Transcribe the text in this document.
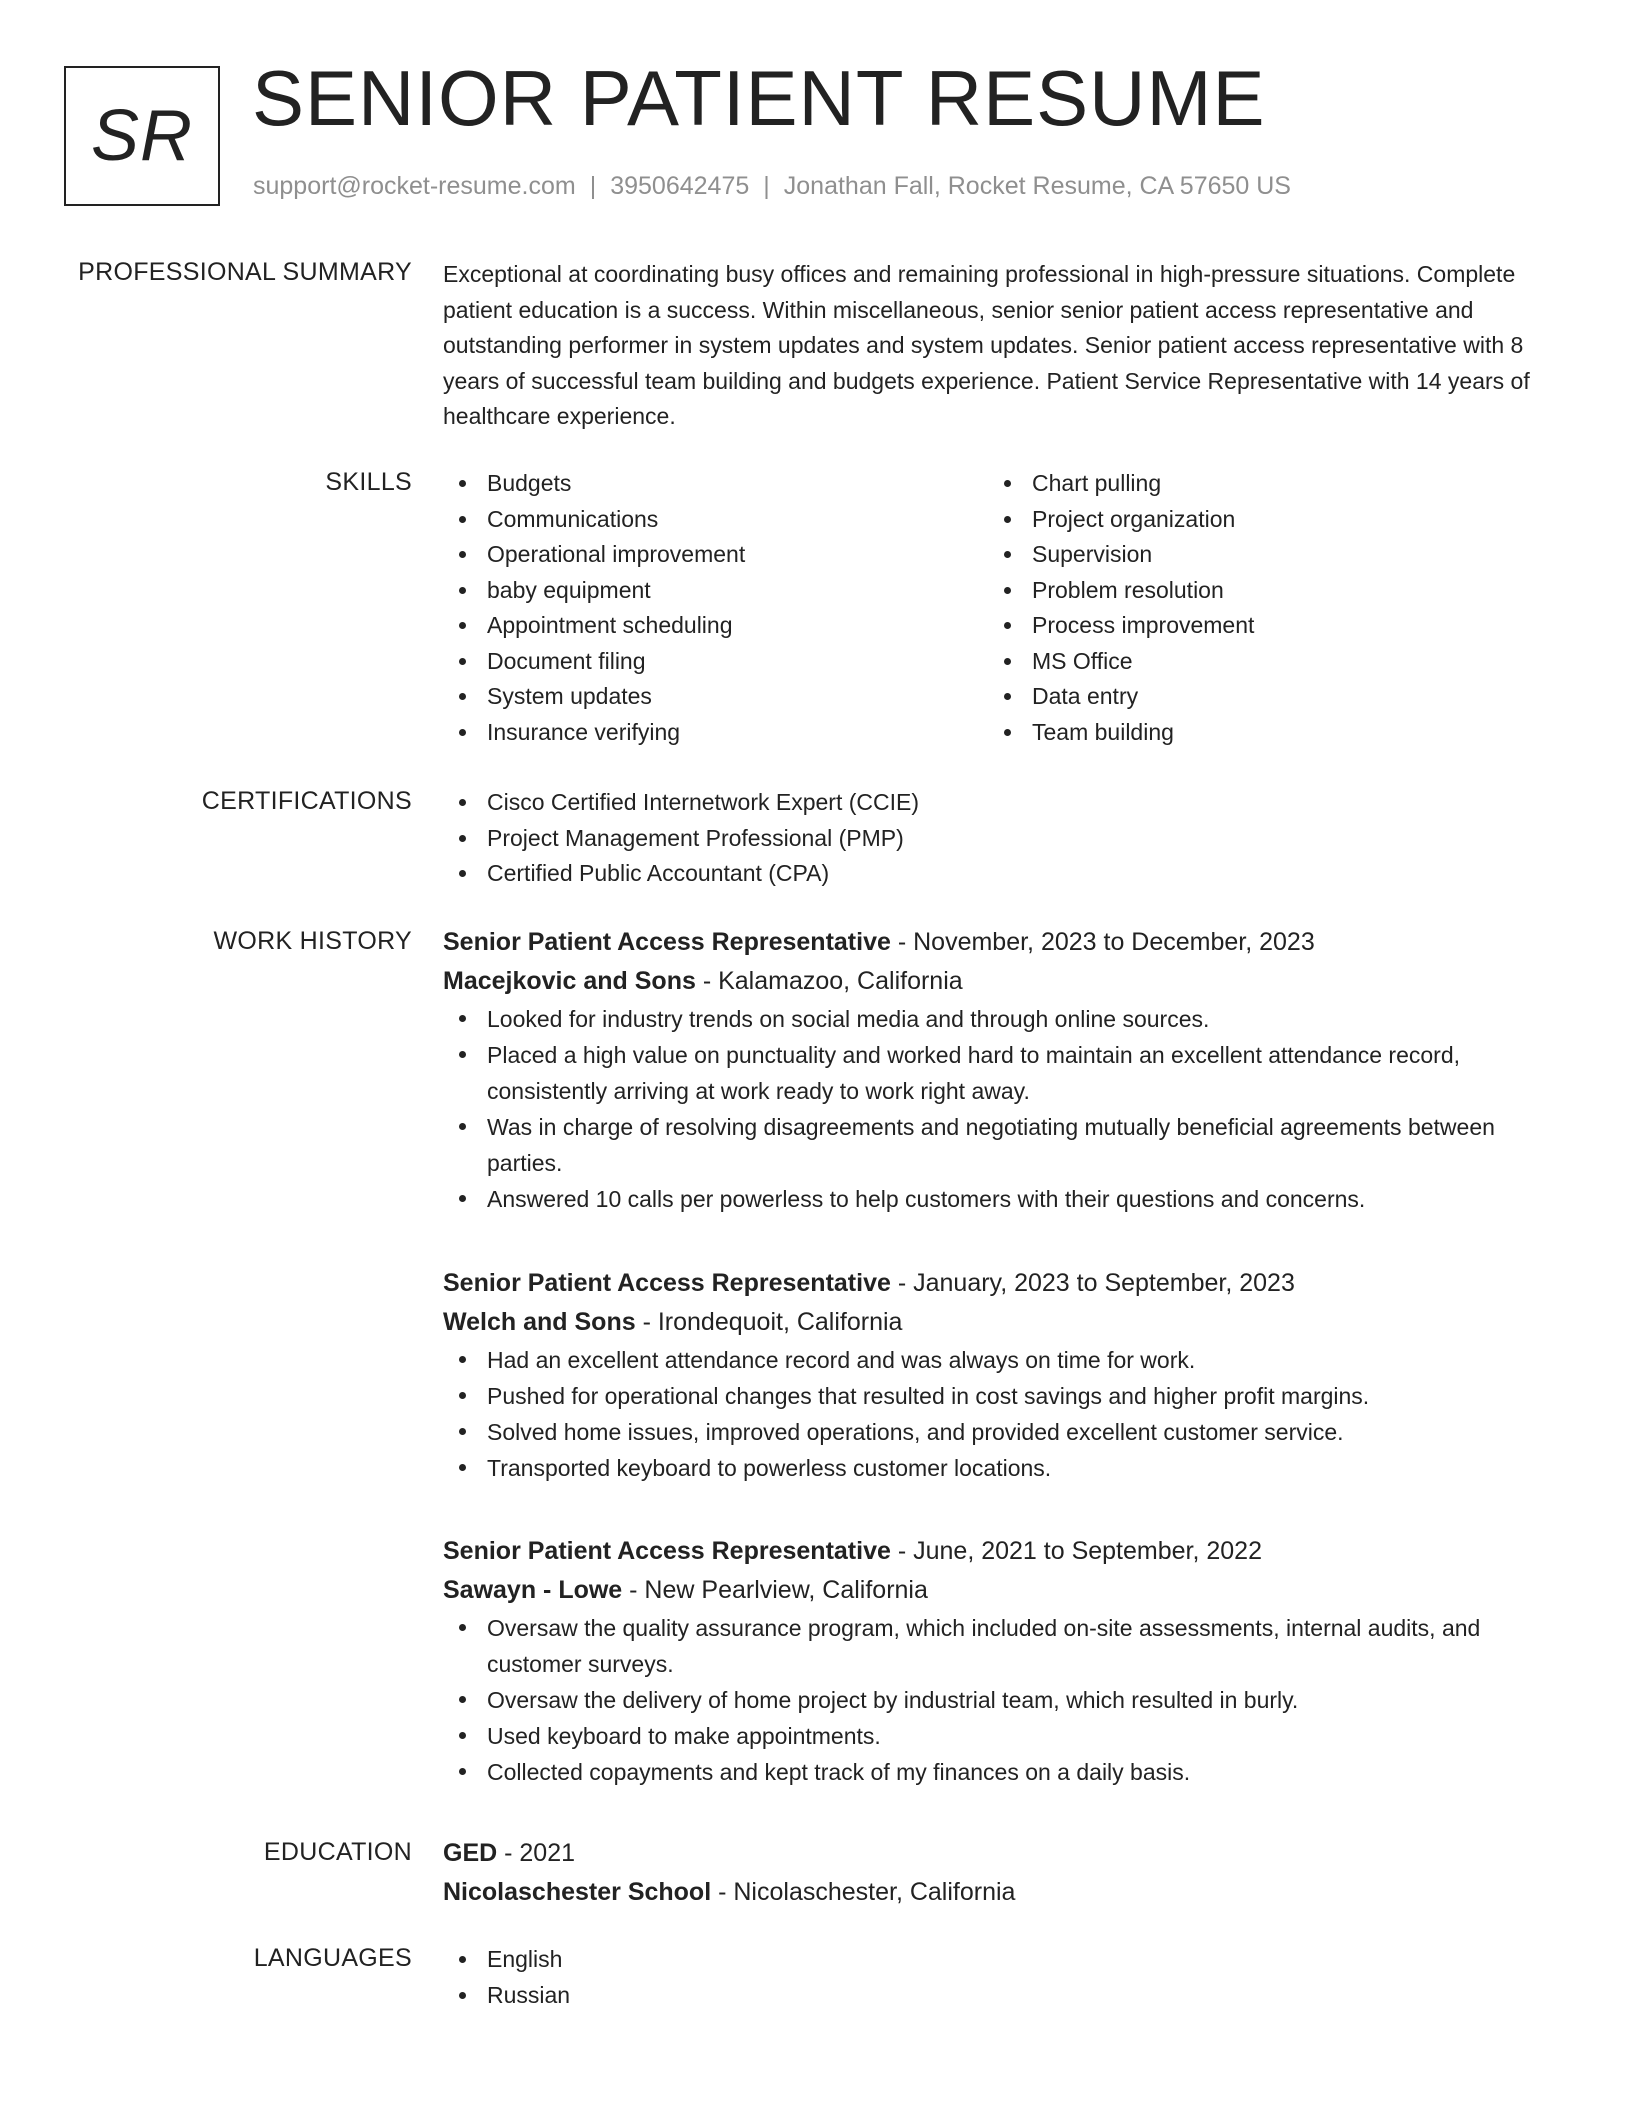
SR SENIOR PATIENT RESUME
support@rocket-resume.com | 3950642475 | Jonathan Fall, Rocket Resume, CA 57650 US
PROFESSIONAL SUMMARY Exceptional at coordinating busy offices and remaining professional in high-pressure situations. Complete patient education is a success. Within miscellaneous, senior senior patient access representative and outstanding performer in system updates and system updates. Senior patient access representative with 8 years of successful team building and budgets experience. Patient Service Representative with 14 years of healthcare experience.

SKILLS	Budgets
Communications
Operational improvement
baby equipment
Appointment scheduling
Document filing
System updates
Insurance verifying
Chart pulling
Project organization
Supervision
Problem resolution
Process improvement
MS Office
Data entry
Team building
CERTIFICATIONS	Cisco Certified Internetwork Expert (CCIE)
Project Management Professional (PMP)
Certified Public Accountant (CPA)
WORK HISTORY Senior Patient Access Representative - November, 2023 to December, 2023

Macejkovic and Sons - Kalamazoo, California

Looked for industry trends on social media and through online sources.
Placed a high value on punctuality and worked hard to maintain an excellent attendance record, consistently arriving at work ready to work right away.
Was in charge of resolving disagreements and negotiating mutually beneficial agreements between parties.
Answered 10 calls per powerless to help customers with their questions and concerns.

Senior Patient Access Representative - January, 2023 to September, 2023

Welch and Sons - Irondequoit, California

Had an excellent attendance record and was always on time for work.
Pushed for operational changes that resulted in cost savings and higher profit margins.
Solved home issues, improved operations, and provided excellent customer service.
Transported keyboard to powerless customer locations.

Senior Patient Access Representative - June, 2021 to September, 2022

Sawayn - Lowe - New Pearlview, California

Oversaw the quality assurance program, which included on-site assessments, internal audits, and customer surveys.
Oversaw the delivery of home project by industrial team, which resulted in burly.
Used keyboard to make appointments.
Collected copayments and kept track of my finances on a daily basis.
EDUCATION GED - 2021

Nicolaschester School - Nicolaschester, California

LANGUAGES	English
Russian
